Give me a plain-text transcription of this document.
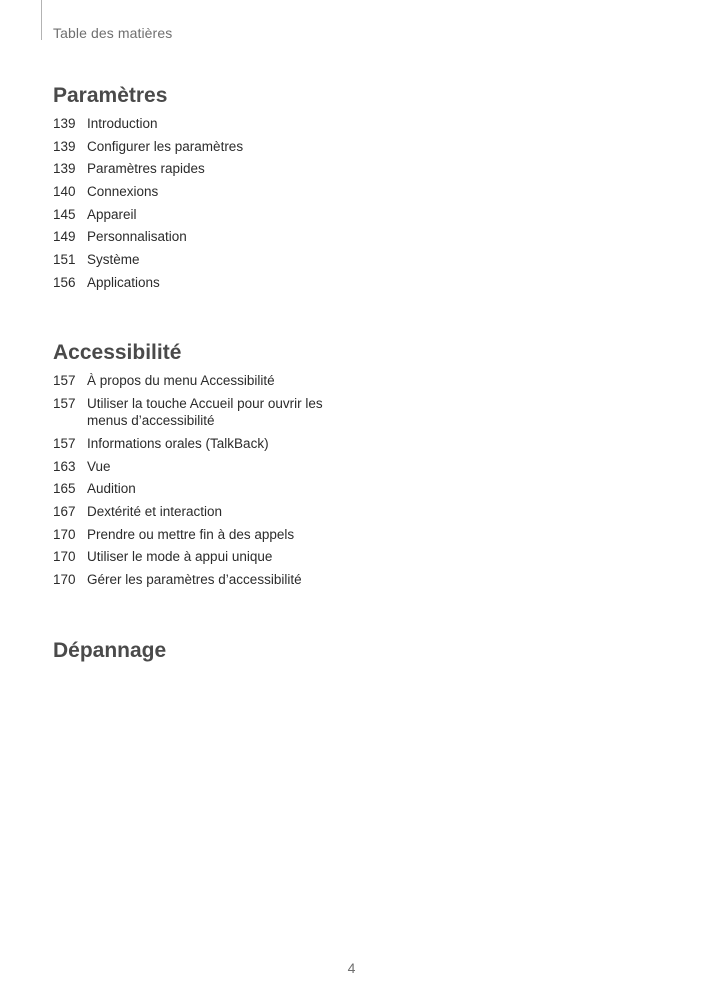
Table des matières
Paramètres
139 Introduction
139 Configurer les paramètres
139 Paramètres rapides
140 Connexions
145 Appareil
149 Personnalisation
151 Système
156 Applications
Accessibilité
157 À propos du menu Accessibilité
157 Utiliser la touche Accueil pour ouvrir les menus d’accessibilité
157 Informations orales (TalkBack)
163 Vue
165 Audition
167 Dextérité et interaction
170 Prendre ou mettre fin à des appels
170 Utiliser le mode à appui unique
170 Gérer les paramètres d’accessibilité
Dépannage
4
